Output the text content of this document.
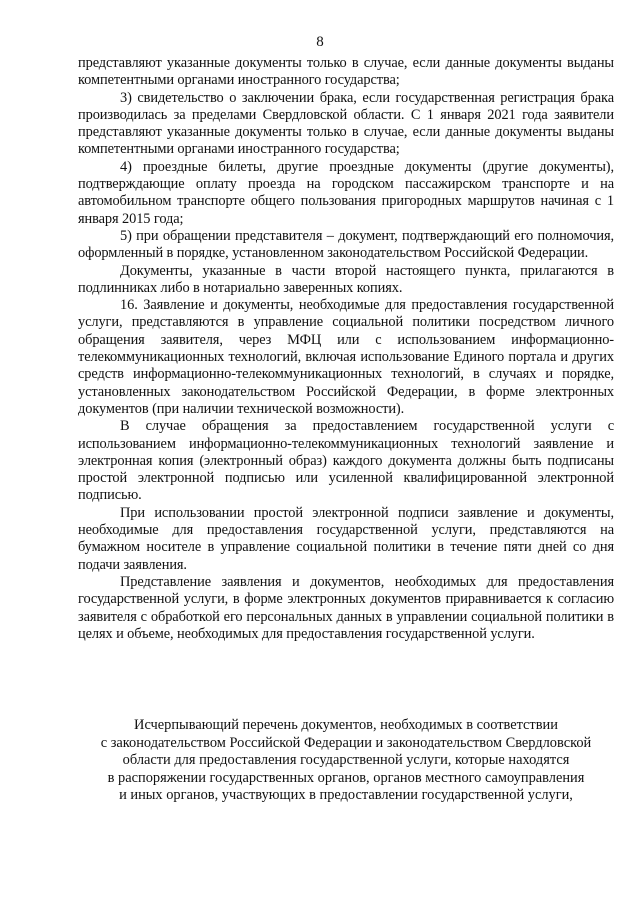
8

представляют указанные документы только в случае, если данные документы выданы компетентными органами иностранного государства;

3) свидетельство о заключении брака, если государственная регистрация брака производилась за пределами Свердловской области. С 1 января 2021 года заявители представляют указанные документы только в случае, если данные документы выданы компетентными органами иностранного государства;

4) проездные билеты, другие проездные документы (другие документы), подтверждающие оплату проезда на городском пассажирском транспорте и на автомобильном транспорте общего пользования пригородных маршрутов начиная с 1 января 2015 года;

5) при обращении представителя – документ, подтверждающий его полномочия, оформленный в порядке, установленном законодательством Российской Федерации.

Документы, указанные в части второй настоящего пункта, прилагаются в подлинниках либо в нотариально заверенных копиях.

16. Заявление и документы, необходимые для предоставления государственной услуги, представляются в управление социальной политики посредством личного обращения заявителя, через МФЦ или с использованием информационно-телекоммуникационных технологий, включая использование Единого портала и других средств информационно-телекоммуникационных технологий, в случаях и порядке, установленных законодательством Российской Федерации, в форме электронных документов (при наличии технической возможности).

В случае обращения за предоставлением государственной услуги с использованием информационно-телекоммуникационных технологий заявление и электронная копия (электронный образ) каждого документа должны быть подписаны простой электронной подписью или усиленной квалифицированной электронной подписью.

При использовании простой электронной подписи заявление и документы, необходимые для предоставления государственной услуги, представляются на бумажном носителе в управление социальной политики в течение пяти дней со дня подачи заявления.

Представление заявления и документов, необходимых для предоставления государственной услуги, в форме электронных документов приравнивается к согласию заявителя с обработкой его персональных данных в управлении социальной политики в целях и объеме, необходимых для предоставления государственной услуги.

Исчерпывающий перечень документов, необходимых в соответствии
с законодательством Российской Федерации и законодательством Свердловской
области для предоставления государственной услуги, которые находятся
в распоряжении государственных органов, органов местного самоуправления
и иных органов, участвующих в предоставлении государственной услуги,
